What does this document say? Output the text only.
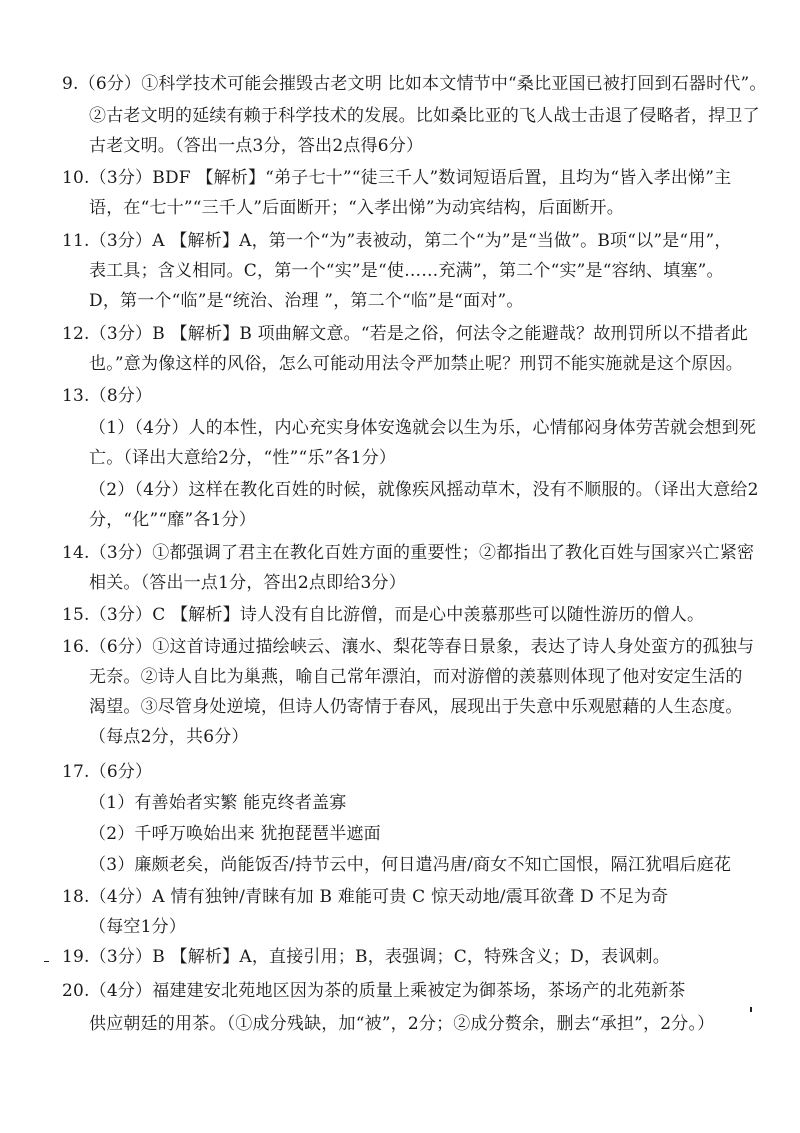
9.（6分）①科学技术可能会摧毁古老文明 比如本文情节中“桑比亚国已被打回到石器时代”。
②古老文明的延续有赖于科学技术的发展。比如桑比亚的飞人战士击退了侵略者，捍卫了
古老文明。（答出一点3分，答出2点得6分）
10.（3分）BDF 【解析】“弟子七十”“徒三千人”数词短语后置，且均为“皆入孝出悌”主
语，在“七十”“三千人”后面断开；“入孝出悌”为动宾结构，后面断开。
11.（3分）A 【解析】A，第一个“为”表被动，第二个“为”是“当做”。B项“以”是“用”，
表工具；含义相同。C，第一个“实”是“使……充满”，第二个“实”是“容纳、填塞”。
D，第一个“临”是“统治、治理 ”，第二个“临”是“面对”。
12.（3分）B 【解析】B 项曲解文意。“若是之俗，何法令之能避哉？故刑罚所以不措者此
也。”意为像这样的风俗，怎么可能动用法令严加禁止呢？刑罚不能实施就是这个原因。
13.（8分）
（1）（4分）人的本性，内心充实身体安逸就会以生为乐，心情郁闷身体劳苦就会想到死
亡。（译出大意给2分，“性”“乐”各1分）
（2）（4分）这样在教化百姓的时候，就像疾风摇动草木，没有不顺服的。（译出大意给2
分，“化”“靡”各1分）
14.（3分）①都强调了君主在教化百姓方面的重要性；②都指出了教化百姓与国家兴亡紧密
相关。（答出一点1分，答出2点即给3分）
15.（3分）C 【解析】诗人没有自比游僧，而是心中羡慕那些可以随性游历的僧人。
16.（6分）①这首诗通过描绘峡云、瀼水、梨花等春日景象，表达了诗人身处蛮方的孤独与
无奈。②诗人自比为巢燕，喻自己常年漂泊，而对游僧的羡慕则体现了他对安定生活的
渴望。③尽管身处逆境，但诗人仍寄情于春风，展现出于失意中乐观慰藉的人生态度。
（每点2分，共6分）
17.（6分）
（1）有善始者实繁 能克终者盖寡
（2）千呼万唤始出来 犹抱琵琶半遮面
（3）廉颇老矣，尚能饭否/持节云中，何日遣冯唐/商女不知亡国恨，隔江犹唱后庭花
18.（4分）A 情有独钟/青睐有加 B 难能可贵 C 惊天动地/震耳欲聋 D 不足为奇
（每空1分）
19.（3分）B 【解析】A，直接引用；B，表强调；C，特殊含义；D，表讽刺。
20.（4分）福建建安北苑地区因为茶的质量上乘被定为御茶场，茶场产的北苑新茶
供应朝廷的用茶。（①成分残缺，加“被”，2分；②成分赘余，删去“承担”，2分。）
